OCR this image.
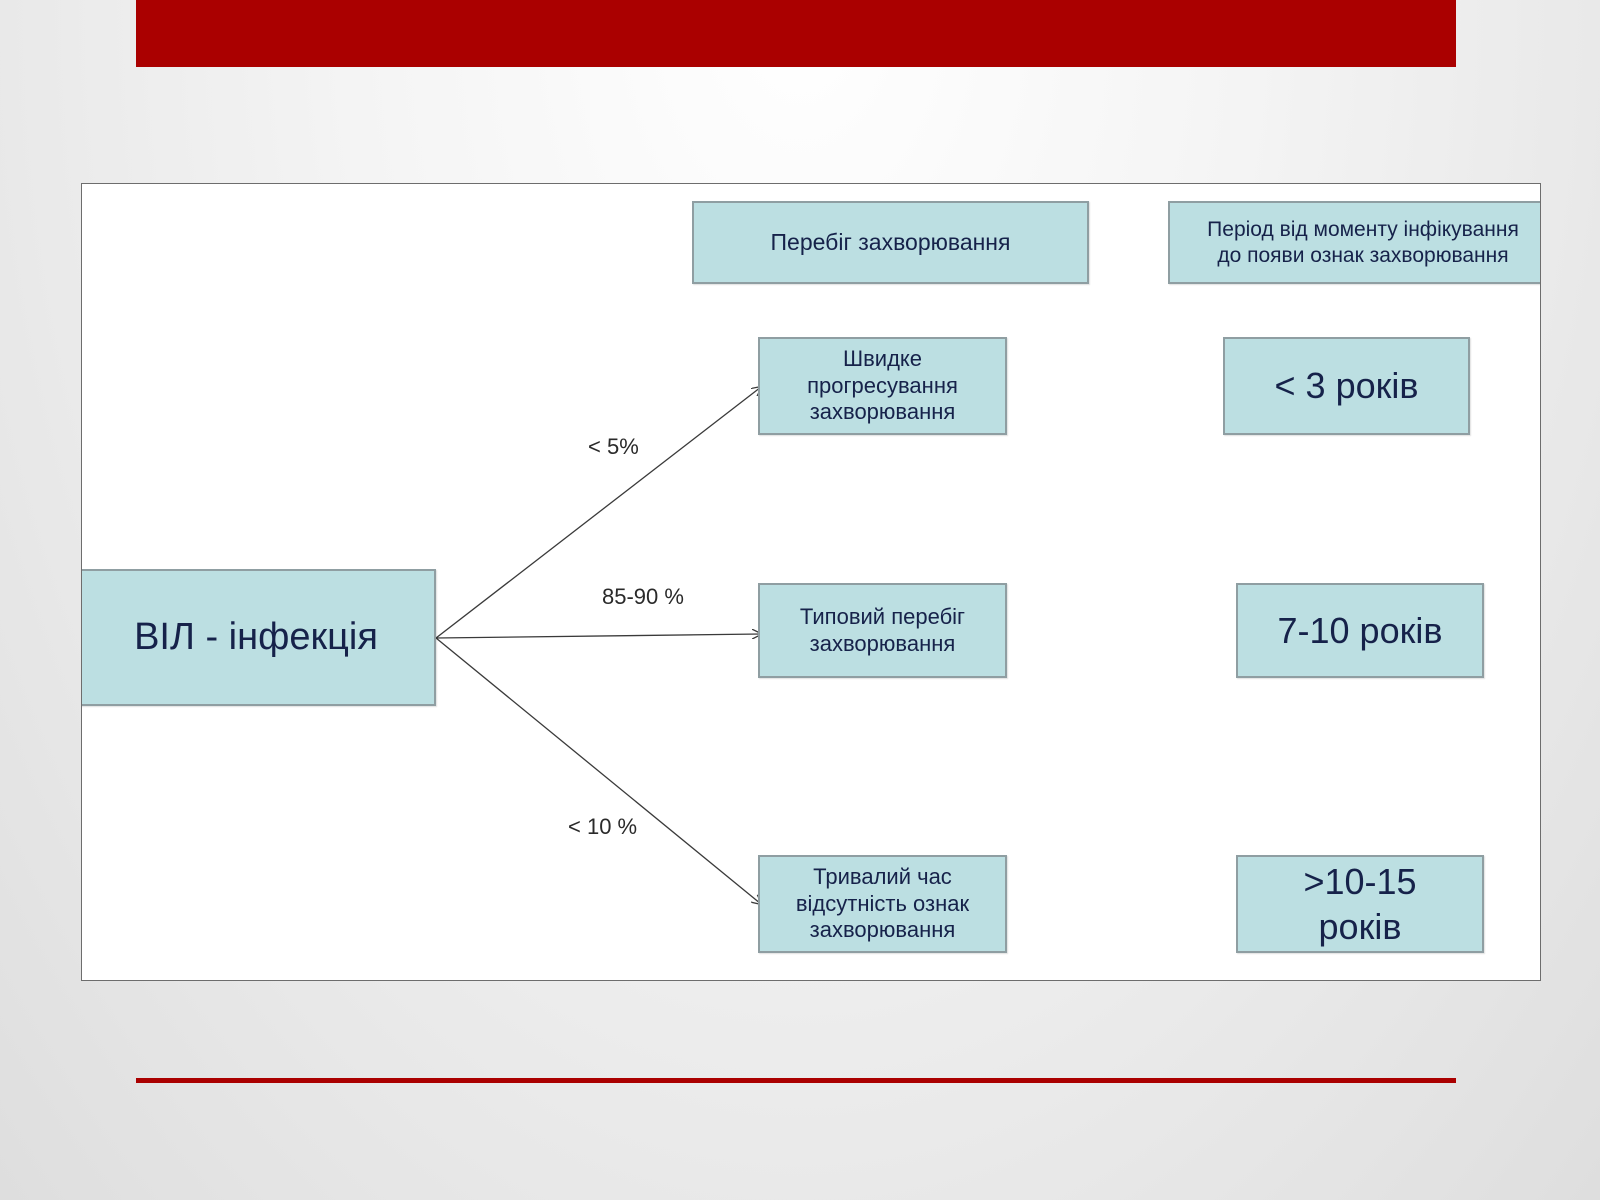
Перебіг захворювання
Період від моменту інфікування
до появи ознак захворювання
ВІЛ - інфекція
Швидке
прогресування
захворювання
Типовий перебіг
захворювання
Тривалий час
відсутність ознак
захворювання
< 3 років
7-10 років
>10-15
років
< 5%
85-90 %
< 10 %
